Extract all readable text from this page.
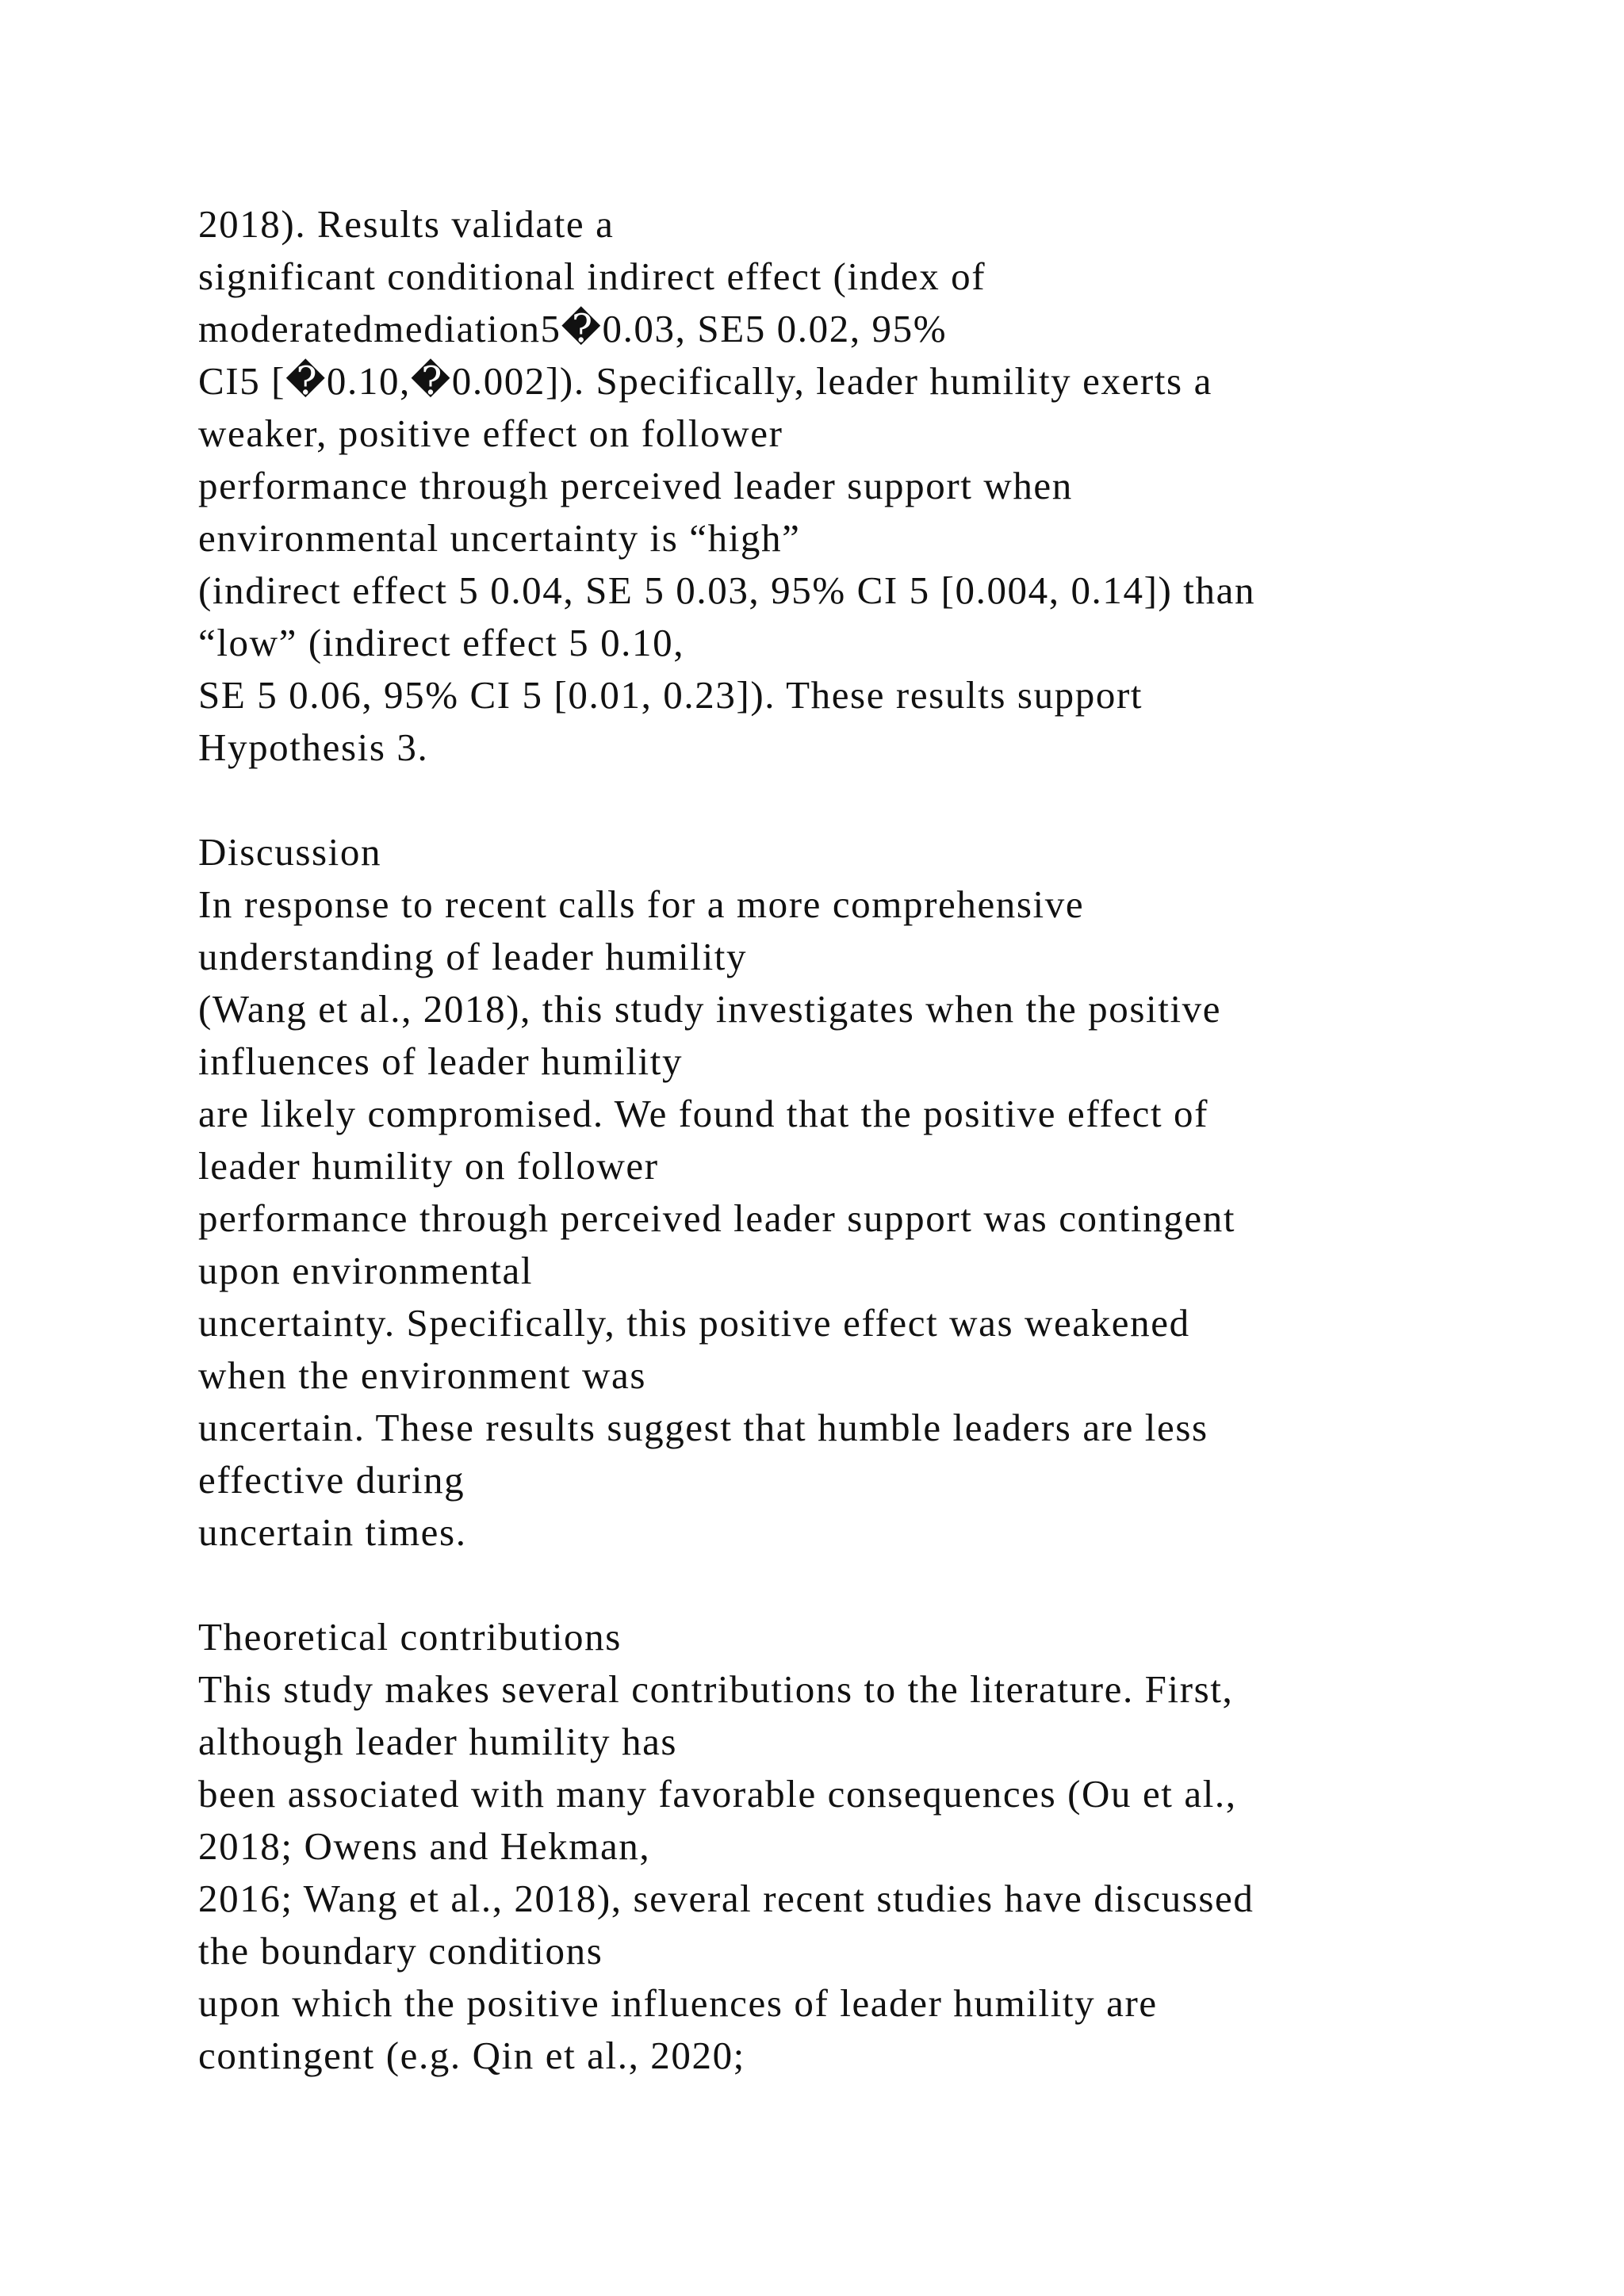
2018). Results validate a
significant conditional indirect effect (index of
moderatedmediation5�0.03, SE5 0.02, 95%
CI5 [�0.10,�0.002]). Specifically, leader humility exerts a
weaker, positive effect on follower
performance through perceived leader support when
environmental uncertainty is “high”
(indirect effect 5 0.04, SE 5 0.03, 95% CI 5 [0.004, 0.14]) than
“low” (indirect effect 5 0.10,
SE 5 0.06, 95% CI 5 [0.01, 0.23]). These results support
Hypothesis 3.
Discussion
In response to recent calls for a more comprehensive
understanding of leader humility
(Wang et al., 2018), this study investigates when the positive
influences of leader humility
are likely compromised. We found that the positive effect of
leader humility on follower
performance through perceived leader support was contingent
upon environmental
uncertainty. Specifically, this positive effect was weakened
when the environment was
uncertain. These results suggest that humble leaders are less
effective during
uncertain times.
Theoretical contributions
This study makes several contributions to the literature. First,
although leader humility has
been associated with many favorable consequences (Ou et al.,
2018; Owens and Hekman,
2016; Wang et al., 2018), several recent studies have discussed
the boundary conditions
upon which the positive influences of leader humility are
contingent (e.g. Qin et al., 2020;
